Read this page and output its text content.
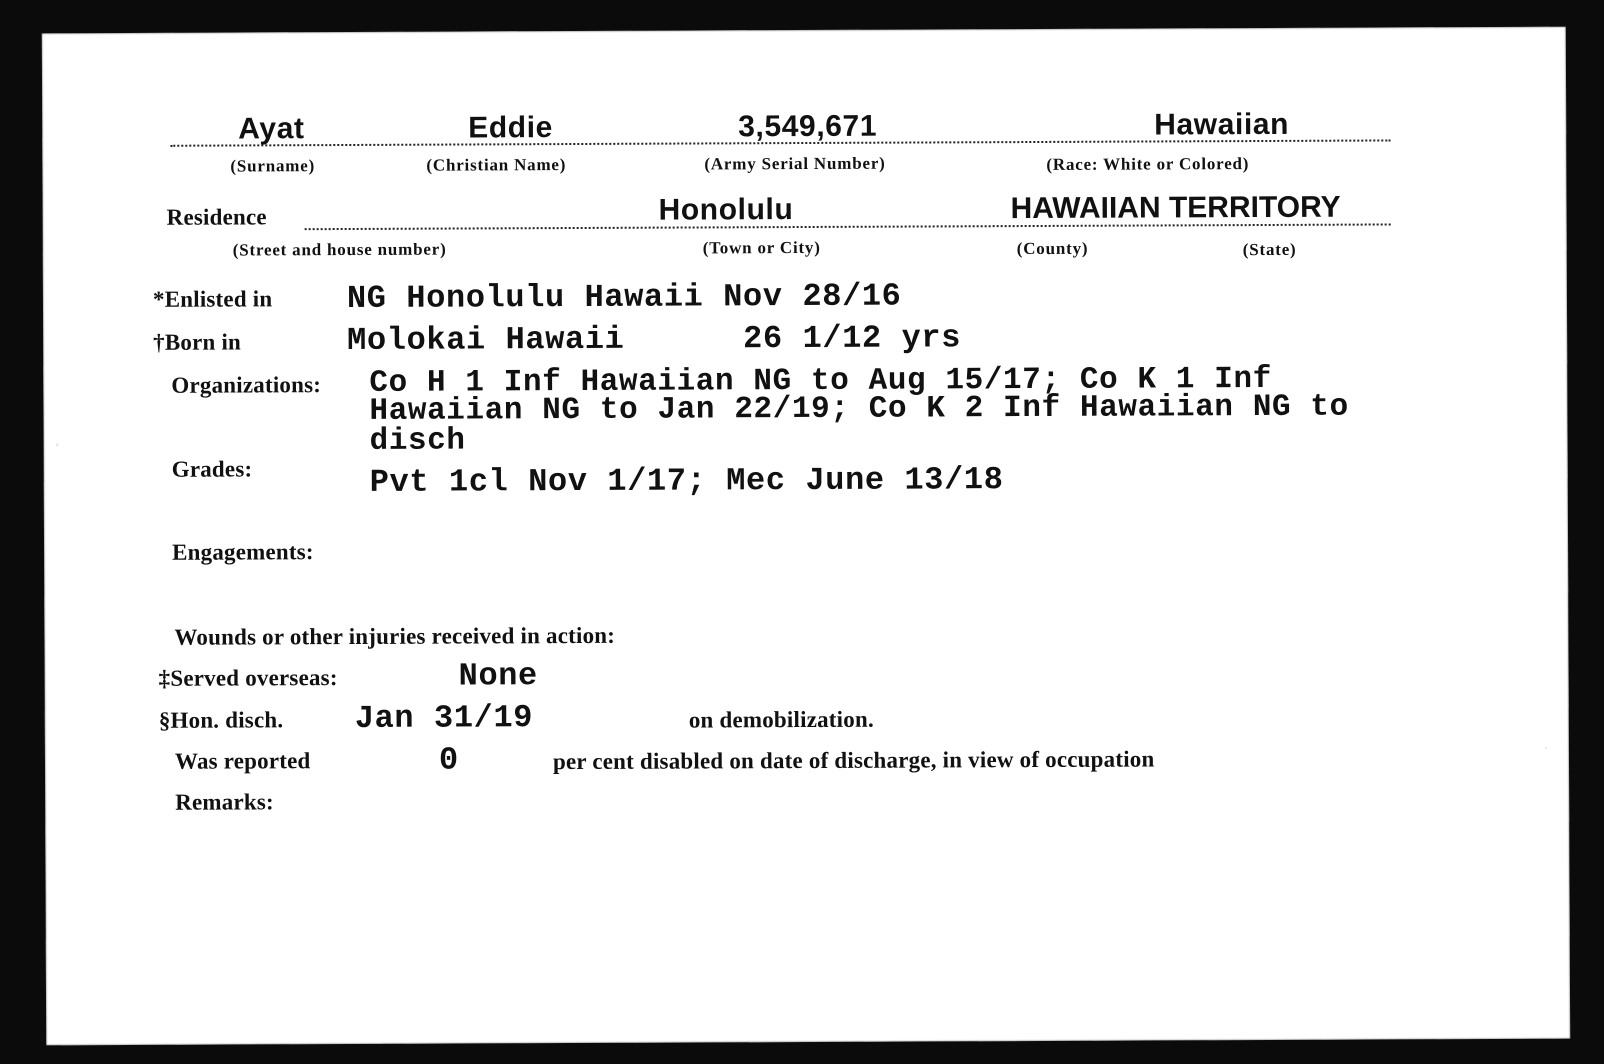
Ayat	Eddie	3,549,671	Hawaiian
(Surname)	(Christian Name)	(Army Serial Number)	(Race: White or Colored)
Residence	Honolulu	HAWAIIAN TERRITORY
(Street and house number)	(Town or City)	(County)	(State)
*Enlisted in NG Honolulu Hawaii Nov 28/16
†Born in	Molokai Hawaii	26 1/12 yrs
Organizations: Co H 1 Inf Hawaiian NG to Aug 15/17; Co K 1 Inf
Hawaiian NG to Jan 22/19; Co K 2 Inf Hawaiian NG to
disch
Grades:	Pvt 1cl Nov 1/17; Mec June 13/18
Engagements:
Wounds or other injuries received in action:
‡Served overseas:	None
§Hon. disch. Jan 31/19	on demobilization.
Was reported	0	per cent disabled on date of discharge, in view of occupation
Remarks:
